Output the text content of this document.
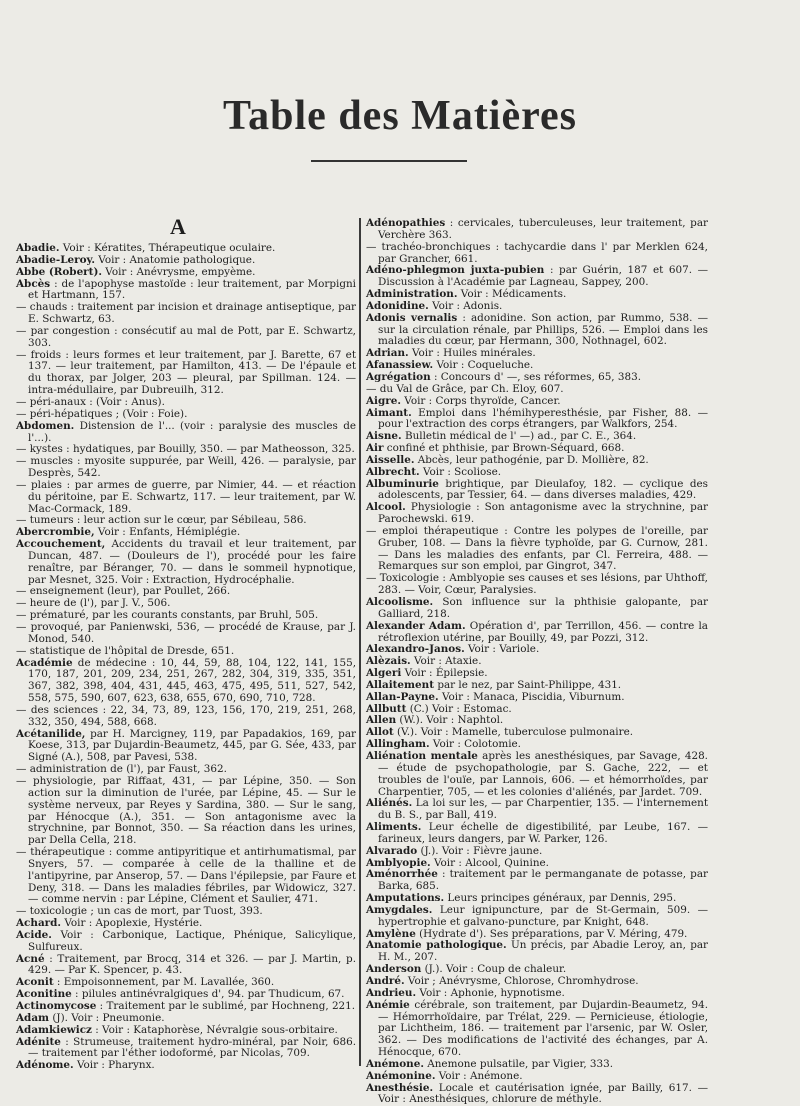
Table des Matières
A

Abadie. Voir : Kératites, Thérapeutique oculaire.

Abadie-Leroy. Voir : Anatomie pathologique.

Abbe (Robert). Voir : Anévrysme, empyème.

Abcès : de l'apophyse mastoïde : leur traitement, par Morpigni et Hartmann, 157.

— chauds : traitement par incision et drainage antiseptique, par E. Schwartz, 63.

— par congestion : consécutif au mal de Pott, par E. Schwartz, 303.

— froids : leurs formes et leur traitement, par J. Barette, 67 et 137. — leur traitement, par Hamilton, 413. — De l'épaule et du thorax, par Jolger, 203 — pleural, par Spillman. 124. — intra-médullaire, par Dubreuilh, 312.

— péri-anaux : (Voir : Anus).

— péri-hépatiques ; (Voir : Foie).

Abdomen. Distension de l'... (voir : paralysie des muscles de l'...).

— kystes : hydatiques, par Bouilly, 350. — par Matheosson, 325.

— muscles : myosite suppurée, par Weill, 426. — paralysie, par Desprès, 542.

— plaies : par armes de guerre, par Nimier, 44. — et réaction du péritoine, par E. Schwartz, 117. — leur traitement, par W. Mac-Cormack, 189.

— tumeurs : leur action sur le cœur, par Sébileau, 586.

Abercrombie, Voir : Enfants, Hémiplégie.

Accouchement, Accidents du travail et leur traitement, par Duncan, 487. — (Douleurs de l'), procédé pour les faire renaître, par Béranger, 70. — dans le sommeil hypnotique, par Mesnet, 325. Voir : Extraction, Hydrocéphalie.

— enseignement (leur), par Poullet, 266.

— heure de (l'), par J. V., 506.

— prématuré, par les courants constants, par Bruhl, 505.

— provoqué, par Panienwski, 536, — procédé de Krause, par J. Monod, 540.

— statistique de l'hôpital de Dresde, 651.

Académie de médecine : 10, 44, 59, 88, 104, 122, 141, 155, 170, 187, 201, 209, 234, 251, 267, 282, 304, 319, 335, 351, 367, 382, 398, 404, 431, 445, 463, 475, 495, 511, 527, 542, 558, 575, 590, 607, 623, 638, 655, 670, 690, 710, 728.

— des sciences : 22, 34, 73, 89, 123, 156, 170, 219, 251, 268, 332, 350, 494, 588, 668.

Acétanilide, par H. Marcigney, 119, par Papadakios, 169, par Koese, 313, par Dujardin-Beaumetz, 445, par G. Sée, 433, par Signé (A.), 508, par Pavesi, 538.

— administration de (l'), par Faust, 362.

— physiologie, par Riffaat, 431, — par Lépine, 350. — Son action sur la diminution de l'urée, par Lépine, 45. — Sur le système nerveux, par Reyes y Sardina, 380. — Sur le sang, par Hénocque (A.), 351. — Son antagonisme avec la strychnine, par Bonnot, 350. — Sa réaction dans les urines, par Della Cella, 218.

— thérapeutique : comme antipyritique et antirhumatismal, par Snyers, 57. — comparée à celle de la thalline et de l'antipyrine, par Anserop, 57. — Dans l'épilepsie, par Faure et Deny, 318. — Dans les maladies fébriles, par Widowicz, 327. — comme nervin : par Lépine, Clément et Saulier, 471.

— toxicologie ; un cas de mort, par Tuost, 393.

Achard. Voir : Apoplexie, Hystérie.

Acide. Voir : Carbonique, Lactique, Phénique, Salicylique, Sulfureux.

Acné : Traitement, par Brocq, 314 et 326. — par J. Martin, p. 429. — Par K. Spencer, p. 43.

Aconit : Empoisonnement, par M. Lavallée, 360.

Aconitine : pilules antinévralgiques d', 94. par Thudicum, 67.

Actinomycose : Traitement par le sublimé, par Hochneng, 221.

Adam (J). Voir : Pneumonie.

Adamkiewicz : Voir : Kataphorèse, Névralgie sous-orbitaire.

Adénite : Strumeuse, traitement hydro-minéral, par Noir, 686. — traitement par l'éther iodoformé, par Nicolas, 709.

Adénome. Voir : Pharynx.

Adénopathies : cervicales, tuberculeuses, leur traitement, par Verchère 363.

— trachéo-bronchiques : tachycardie dans l' par Merklen 624, par Grancher, 661.

Adéno-phlegmon juxta-pubien : par Guérin, 187 et 607. — Discussion à l'Académie par Lagneau, Sappey, 200.

Administration. Voir : Médicaments.

Adonidine. Voir : Adonis.

Adonis vernalis : adonidine. Son action, par Rummo, 538. — sur la circulation rénale, par Phillips, 526. — Emploi dans les maladies du cœur, par Hermann, 300, Nothnagel, 602.

Adrian. Voir : Huiles minérales.

Afanassiew. Voir : Coqueluche.

Agrégation : Concours d' —, ses réformes, 65, 383.

— du Val de Grâce, par Ch. Eloy, 607.

Aigre. Voir : Corps thyroïde, Cancer.

Aimant. Emploi dans l'hémihyperesthésie, par Fisher, 88. — pour l'extraction des corps étrangers, par Walkfors, 254.

Aisne. Bulletin médical de l' —) ad., par C. E., 364.

Air confiné et phthisie, par Brown-Séquard, 668.

Aisselle. Abcès, leur pathogénie, par D. Mollière, 82.

Albrecht. Voir : Scoliose.

Albuminurie brightique, par Dieulafoy, 182. — cyclique des adolescents, par Tessier, 64. — dans diverses maladies, 429.

Alcool. Physiologie : Son antagonisme avec la strychnine, par Parochewski. 619.

— emploi thérapeutique : Contre les polypes de l'oreille, par Gruber, 108. — Dans la fièvre typhoïde, par G. Curnow, 281. — Dans les maladies des enfants, par Cl. Ferreira, 488. — Remarques sur son emploi, par Gingrot, 347.

— Toxicologie : Amblyopie ses causes et ses lésions, par Uhthoff, 283. — Voir, Cœur, Paralysies.

Alcoolisme. Son influence sur la phthisie galopante, par Galliard, 218.

Alexander Adam. Opération d', par Terrillon, 456. — contre la rétroflexion utérine, par Bouilly, 49, par Pozzi, 312.

Alexandro-Janos. Voir : Variole.

Alèzais. Voir : Ataxie.

Algeri Voir : Épilepsie.

Allaitement par le nez, par Saint-Philippe, 431.

Allan-Payne. Voir : Manaca, Piscidia, Viburnum.

Allbutt (C.) Voir : Estomac.

Allen (W.). Voir : Naphtol.

Allot (V.). Voir : Mamelle, tuberculose pulmonaire.

Allingham. Voir : Colotomie.

Aliénation mentale après les anesthésiques, par Savage, 428. — étude de psychopathologie, par S. Gache, 222, — et troubles de l'ouïe, par Lannois, 606. — et hémorrhoïdes, par Charpentier, 705, — et les colonies d'aliénés, par Jardet. 709.

Aliénés. La loi sur les, — par Charpentier, 135. — l'internement du B. S., par Ball, 419.

Aliments. Leur échelle de digestibilité, par Leube, 167. — farineux, leurs dangers, par W. Parker, 126.

Alvarado (J.). Voir : Fièvre jaune.

Amblyopie. Voir : Alcool, Quinine.

Aménorrhée : traitement par le permanganate de potasse, par Barka, 685.

Amputations. Leurs principes généraux, par Dennis, 295.

Amygdales. Leur ignipuncture, par de St-Germain, 509. — hypertrophie et galvano-puncture, par Knight, 648.

Amylène (Hydrate d'). Ses préparations, par V. Méring, 479.

Anatomie pathologique. Un précis, par Abadie Leroy, an, par H. M., 207.

Anderson (J.). Voir : Coup de chaleur.

André. Voir ; Anévrysme, Chlorose, Chromhydrose.

Andrieu. Voir : Aphonie, hypnotisme.

Anémie cérébrale, son traitement, par Dujardin-Beaumetz, 94. — Hémorrhoïdaire, par Trélat, 229. — Pernicieuse, étiologie, par Lichtheim, 186. — traitement par l'arsenic, par W. Osler, 362. — Des modifications de l'activité des échanges, par A. Hénocque, 670.

Anémone. Anemone pulsatile, par Vigier, 333.

Anémonine. Voir : Anémone.

Anesthésie. Locale et cautérisation ignée, par Bailly, 617. — Voir : Anesthésiques, chlorure de méthyle.
